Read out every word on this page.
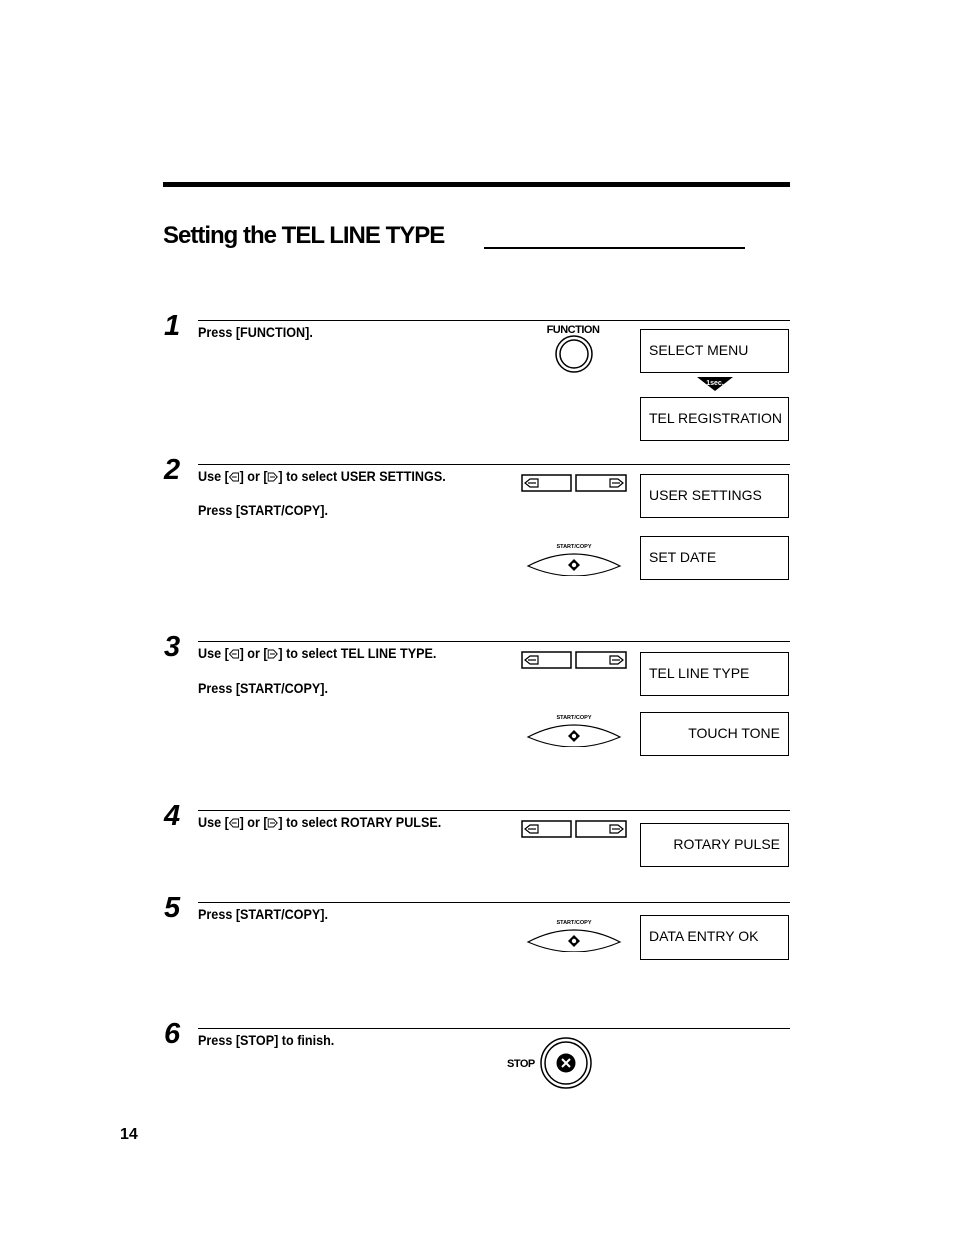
Setting the TEL LINE TYPE
1 Press [FUNCTION].	FUNCTION
SELECT MENU
1sec.
TEL REGISTRATION
2 Use [ ] or [ ] to select USER SETTINGS.
Press [START/COPY].
USER SETTINGS
SET DATE
3 Use [ ] or [ ] to select TEL LINE TYPE.
Press [START/COPY].
TEL LINE TYPE
TOUCH TONE
4 Use [ ] or [ ] to select ROTARY PULSE.
ROTARY PULSE
5 Press [START/COPY].
DATA ENTRY OK
6 Press [STOP] to finish.
STOP
14
